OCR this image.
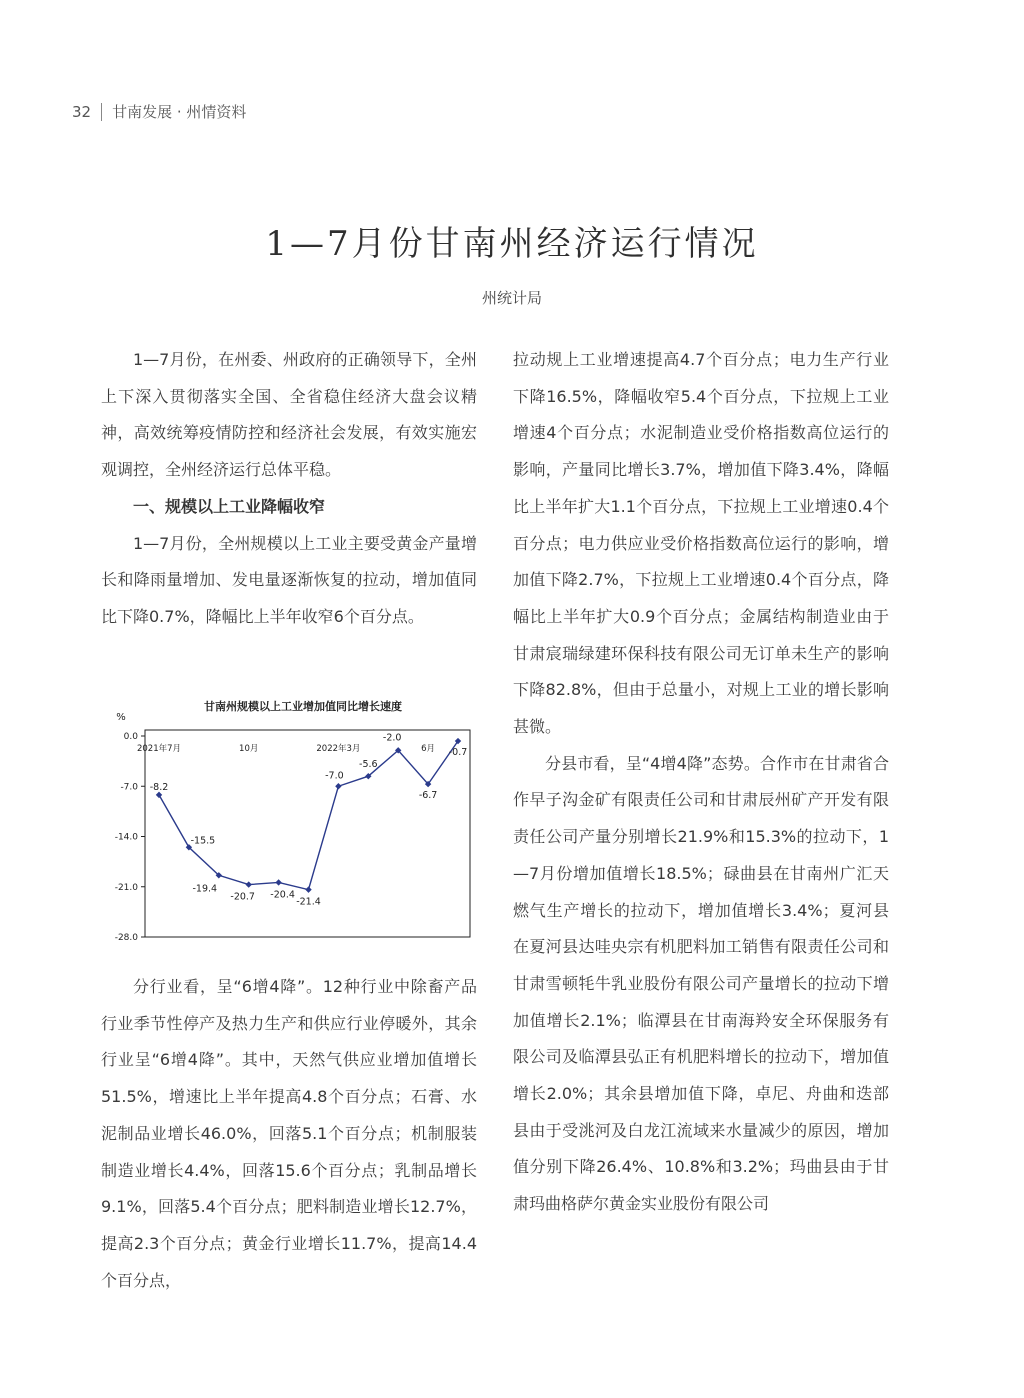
32 甘南发展 · 州情资料
1—7月份甘南州经济运行情况
州统计局

1—7月份，在州委、州政府的正确领导下，全州上下深入贯彻落实全国、全省稳住经济大盘会议精神，高效统筹疫情防控和经济社会发展，有效实施宏观调控，全州经济运行总体平稳。

一、规模以上工业降幅收窄

1—7月份，全州规模以上工业主要受黄金产量增长和降雨量增加、发电量逐渐恢复的拉动，增加值同比下降0.7%，降幅比上半年收窄6个百分点。

甘南州规模以上工业增加值同比增长速度
%
0.0
-7.0
-14.0
-21.0
-28.0
2021年7月	10月	2022年3月	6月
-8.2
-15.5
-19.4
-20.7 -20.4
-21.4
-7.0
-5.6
-2.0
-6.7
-0.7

分行业看，呈“6增4降”。12种行业中除畜产品行业季节性停产及热力生产和供应行业停暖外，其余行业呈“6增4降”。其中，天然气供应业增加值增长51.5%，增速比上半年提高4.8个百分点；石膏、水泥制品业增长46.0%，回落5.1个百分点；机制服装制造业增长4.4%，回落15.6个百分点；乳制品增长9.1%，回落5.4个百分点；肥料制造业增长12.7%，提高2.3个百分点；黄金行业增长11.7%，提高14.4个百分点，

拉动规上工业增速提高4.7个百分点；电力生产行业下降16.5%，降幅收窄5.4个百分点，下拉规上工业增速4个百分点；水泥制造业受价格指数高位运行的影响，产量同比增长3.7%，增加值下降3.4%，降幅比上半年扩大1.1个百分点，下拉规上工业增速0.4个百分点；电力供应业受价格指数高位运行的影响，增加值下降2.7%，下拉规上工业增速0.4个百分点，降幅比上半年扩大0.9个百分点；金属结构制造业由于甘肃宸瑞绿建环保科技有限公司无订单未生产的影响下降82.8%，但由于总量小，对规上工业的增长影响甚微。

分县市看，呈“4增4降”态势。合作市在甘肃省合作早子沟金矿有限责任公司和甘肃辰州矿产开发有限责任公司产量分别增长21.9%和15.3%的拉动下，1—7月份增加值增长18.5%；碌曲县在甘南州广汇天燃气生产增长的拉动下，增加值增长3.4%；夏河县在夏河县达哇央宗有机肥料加工销售有限责任公司和甘肃雪顿牦牛乳业股份有限公司产量增长的拉动下增加值增长2.1%；临潭县在甘南海羚安全环保服务有限公司及临潭县弘正有机肥料增长的拉动下，增加值增长2.0%；其余县增加值下降，卓尼、舟曲和迭部县由于受洮河及白龙江流域来水量减少的原因，增加值分别下降26.4%、10.8%和3.2%；玛曲县由于甘肃玛曲格萨尔黄金实业股份有限公司
